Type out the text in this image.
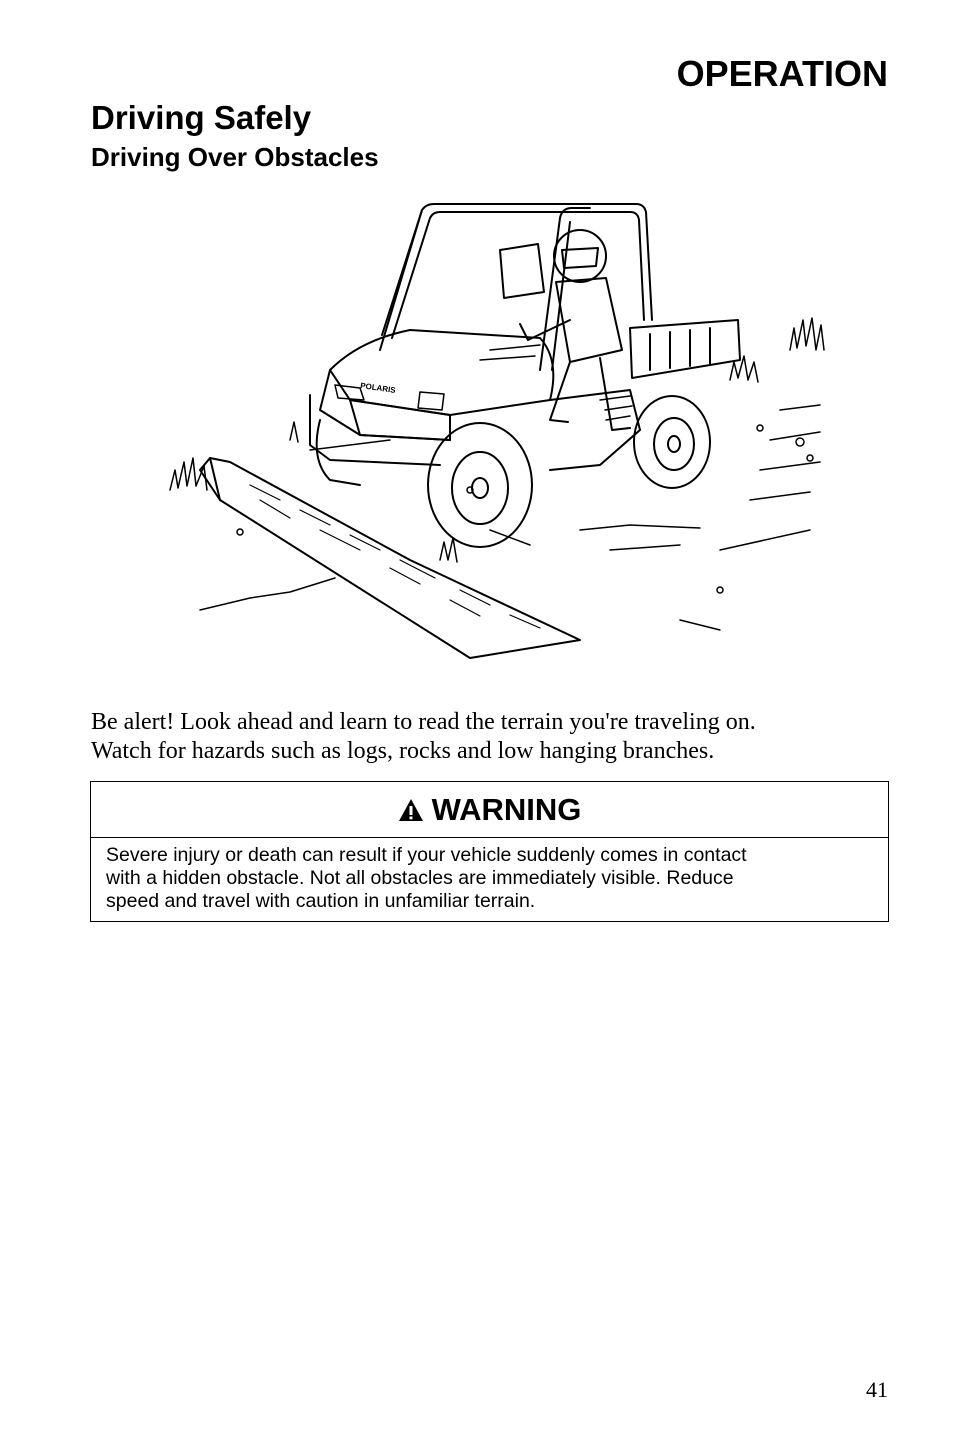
OPERATION
Driving Safely
Driving Over Obstacles
POLARIS

Be alert! Look ahead and learn to read the terrain you're traveling on.
Watch for hazards such as logs, rocks and low hanging branches.

WARNING
Severe injury or death can result if your vehicle suddenly comes in contact
with a hidden obstacle. Not all obstacles are immediately visible. Reduce
speed and travel with caution in unfamiliar terrain.
41
